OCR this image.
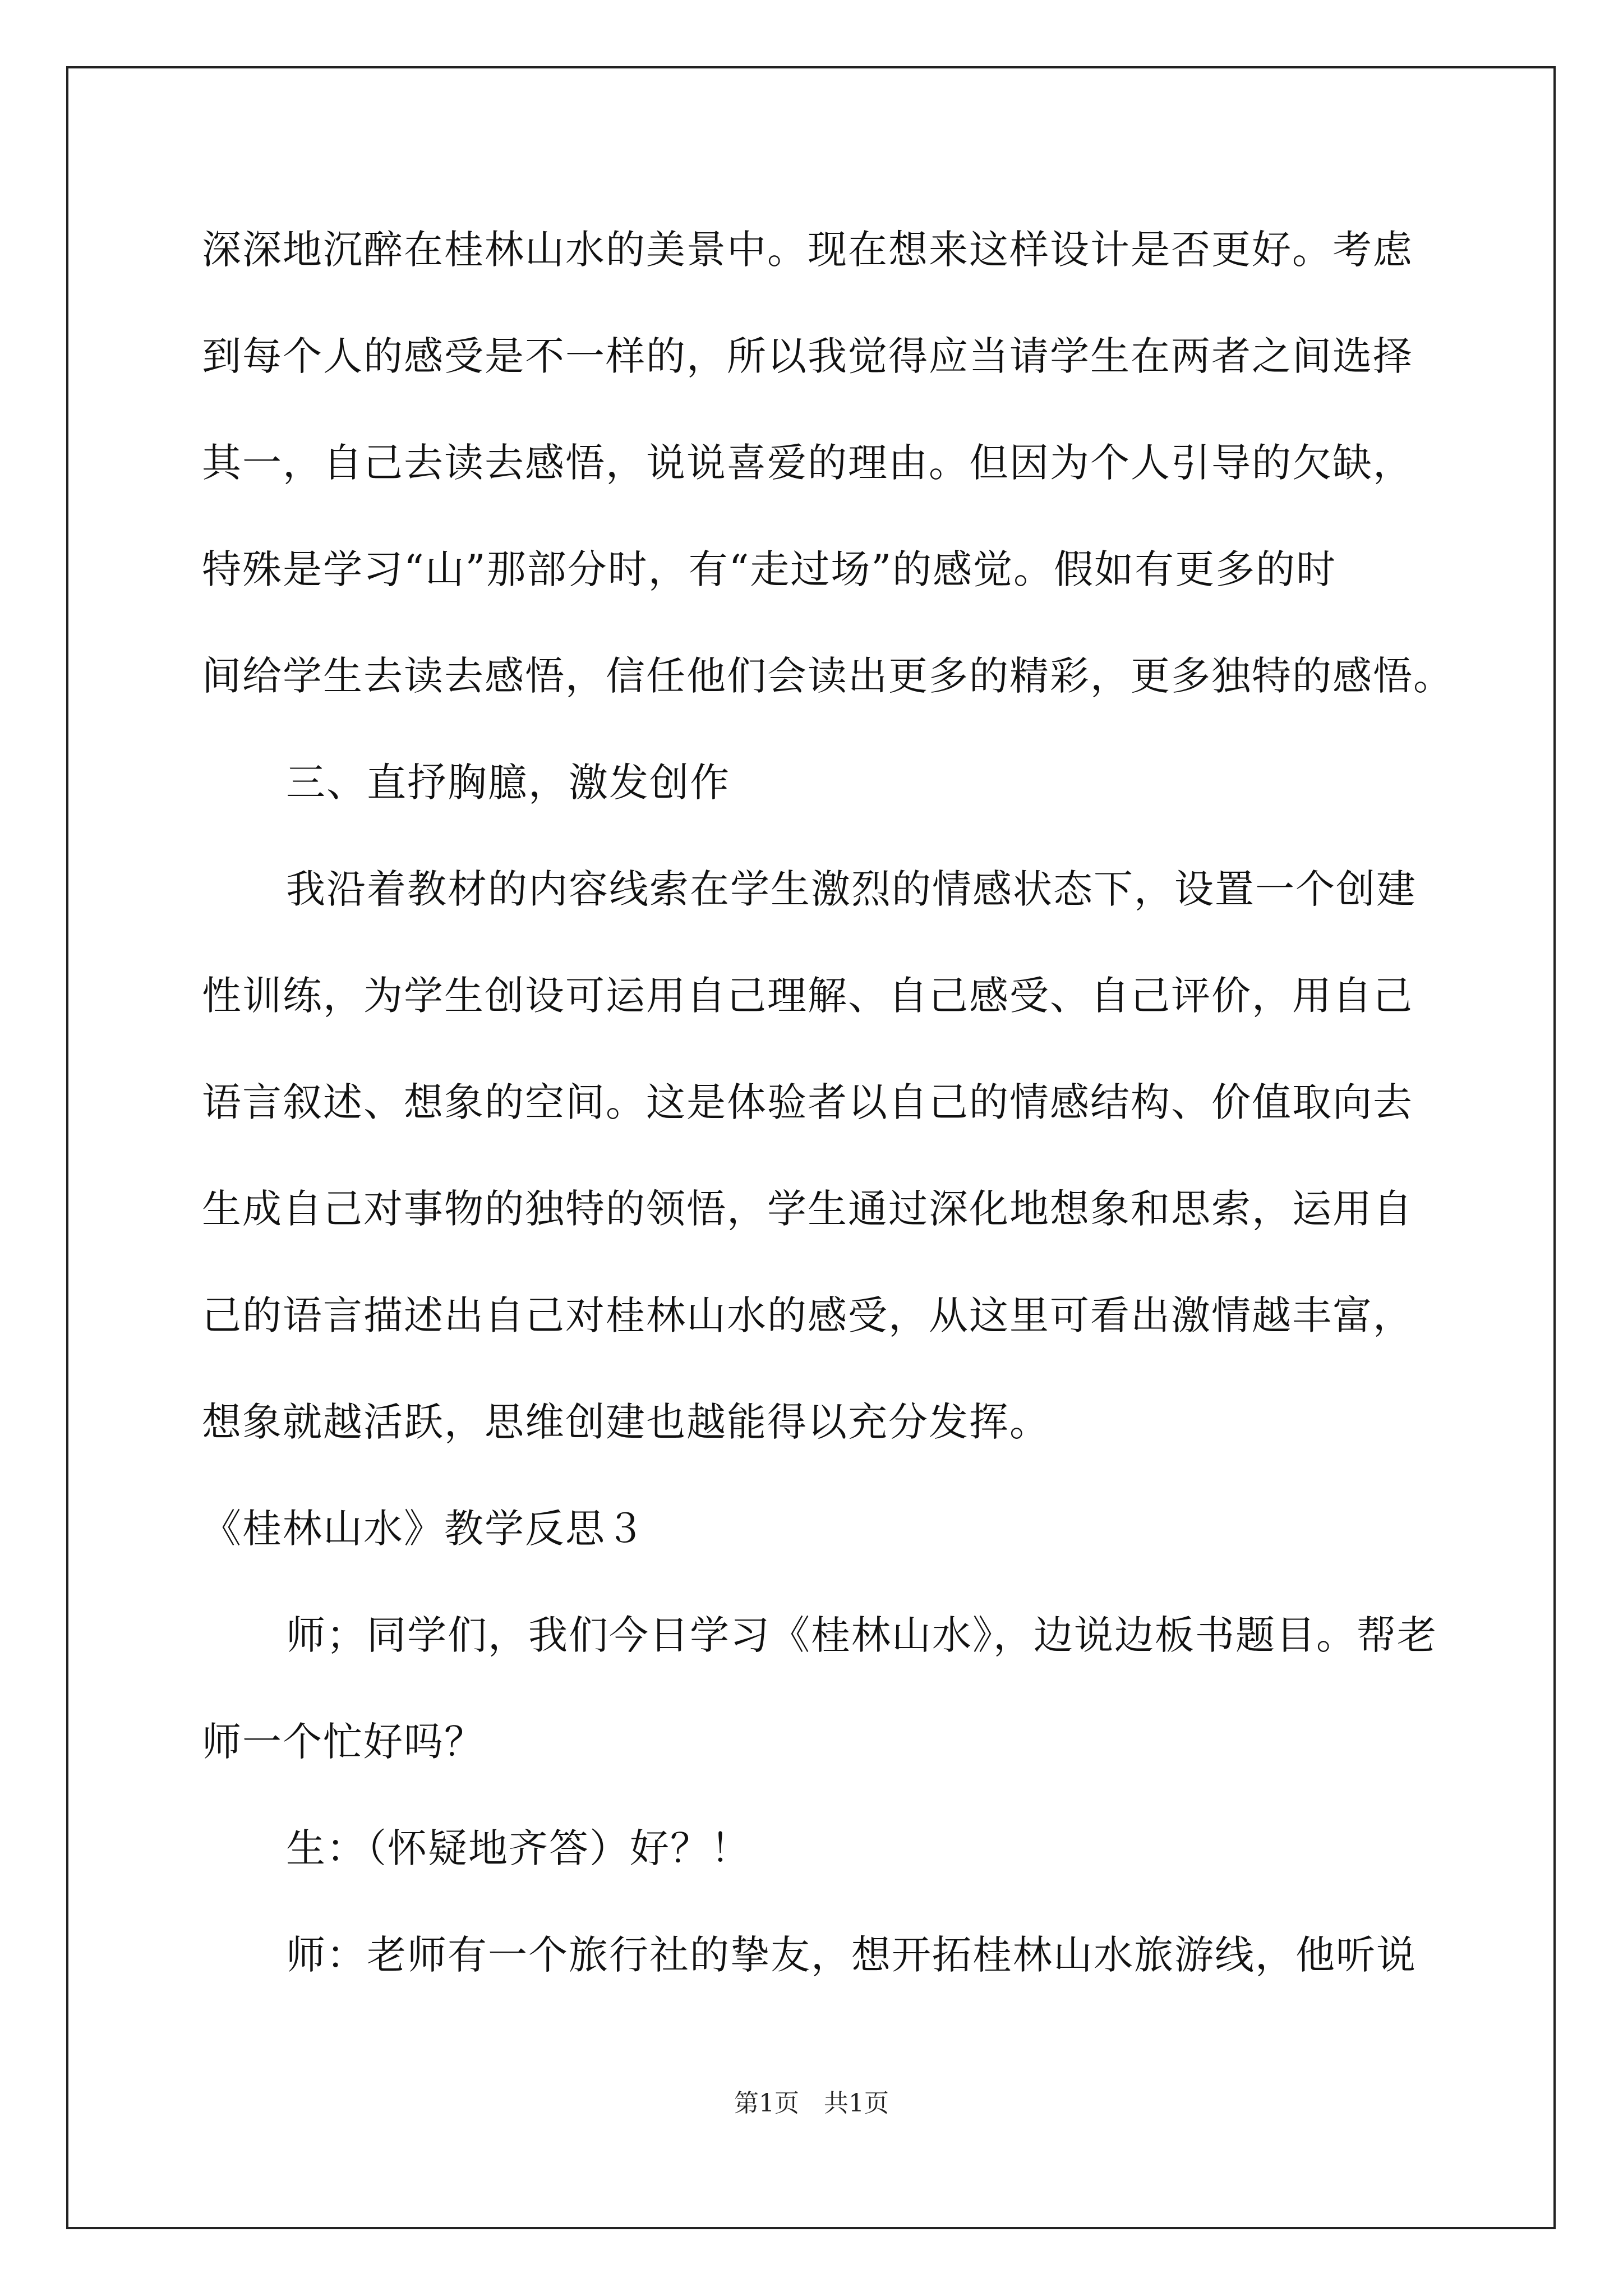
深深地沉醉在桂林山水的美景中。现在想来这样设计是否更好。考虑
到每个人的感受是不一样的，所以我觉得应当请学生在两者之间选择
其一，自己去读去感悟，说说喜爱的理由。但因为个人引导的欠缺，
特殊是学习“山”那部分时，有“走过场”的感觉。假如有更多的时
间给学生去读去感悟，信任他们会读出更多的精彩，更多独特的感悟。
三、直抒胸臆，激发创作
我沿着教材的内容线索在学生激烈的情感状态下，设置一个创建
性训练，为学生创设可运用自己理解、自己感受、自己评价，用自己
语言叙述、想象的空间。这是体验者以自己的情感结构、价值取向去
生成自己对事物的独特的领悟，学生通过深化地想象和思索，运用自
己的语言描述出自己对桂林山水的感受，从这里可看出激情越丰富，
想象就越活跃，思维创建也越能得以充分发挥。
《桂林山水》教学反思３
师；同学们，我们今日学习《桂林山水》，边说边板书题目。帮老
师一个忙好吗？
生：（怀疑地齐答）好？！
师：老师有一个旅行社的挚友，想开拓桂林山水旅游线，他听说
第1页　共1页
